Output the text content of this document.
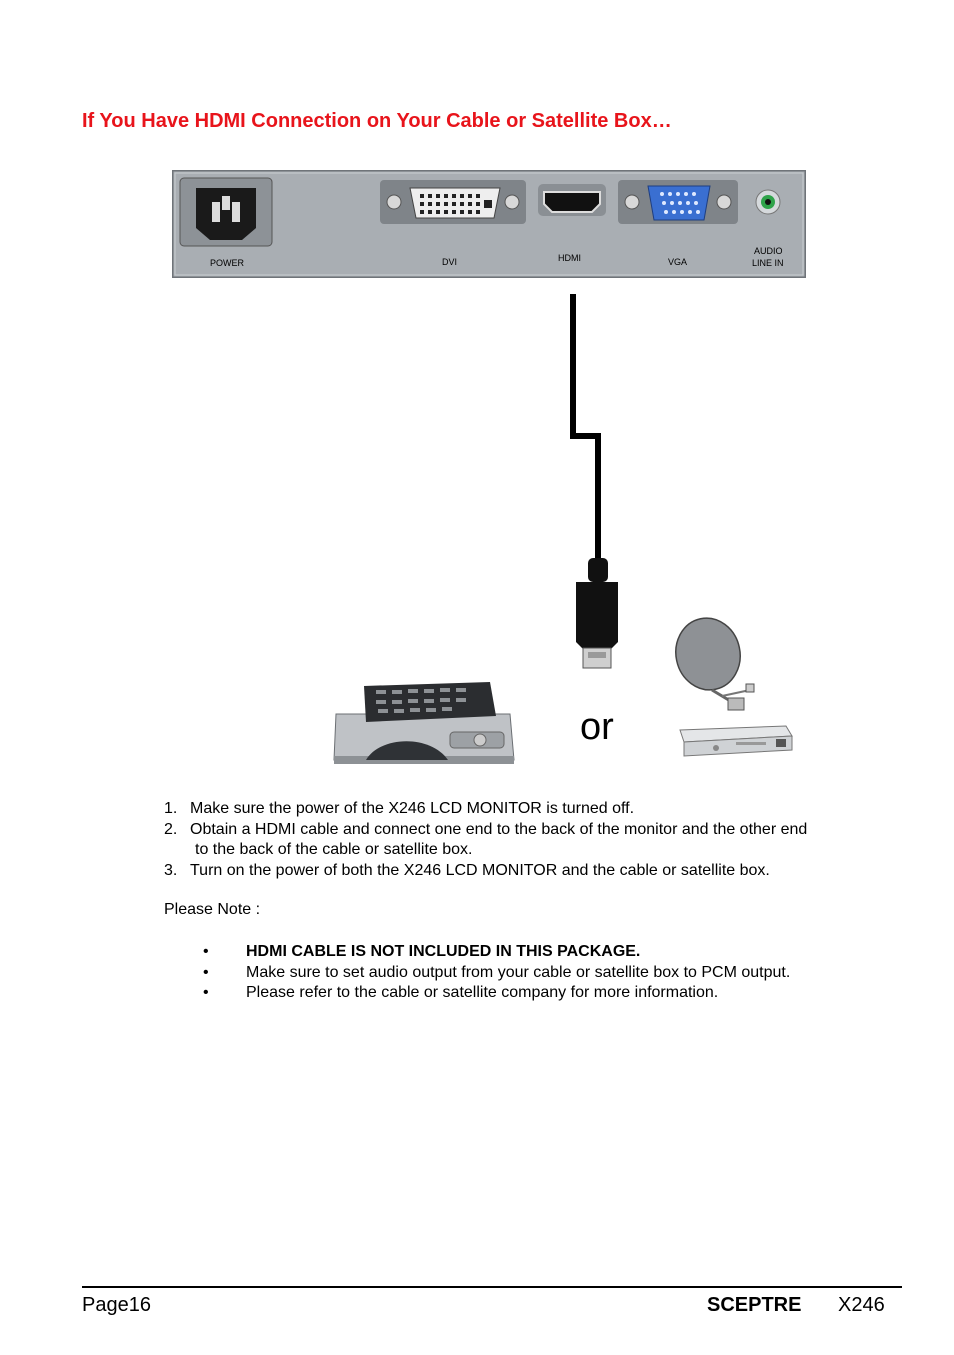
If You Have HDMI Connection on Your Cable or Satellite Box…
POWER	DVI	HDMI	VGA
AUDIO
LINE IN
or
1. Make sure the power of the X246 LCD MONITOR is turned off.
2. Obtain a HDMI cable and connect one end to the back of the monitor and the other end
to the back of the cable or satellite box.
3. Turn on the power of both the X246 LCD MONITOR and the cable or satellite box.
Please Note :
• HDMI CABLE IS NOT INCLUDED IN THIS PACKAGE.
• Make sure to set audio output from your cable or satellite box to PCM output.
• Please refer to the cable or satellite company for more information.
Page16	SCEPTRE X246
